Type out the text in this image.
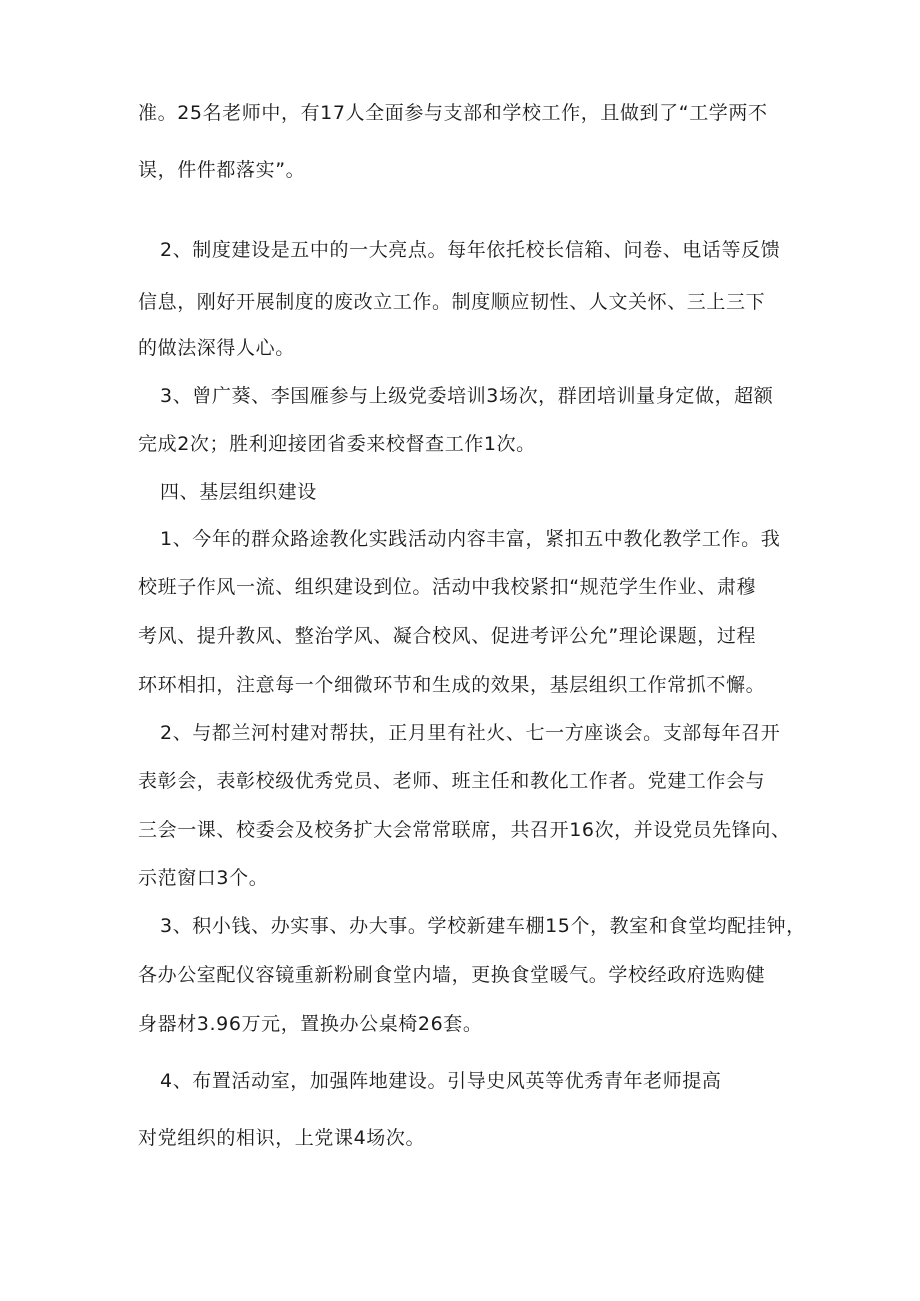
准。25名老师中，有17人全面参与支部和学校工作，且做到了“工学两不
误，件件都落实”。
2、制度建设是五中的一大亮点。每年依托校长信箱、问卷、电话等反馈
信息，刚好开展制度的废改立工作。制度顺应韧性、人文关怀、三上三下
的做法深得人心。
3、曾广葵、李国雁参与上级党委培训3场次，群团培训量身定做，超额
完成2次；胜利迎接团省委来校督查工作1次。
四、基层组织建设
1、今年的群众路途教化实践活动内容丰富，紧扣五中教化教学工作。我
校班子作风一流、组织建设到位。活动中我校紧扣“规范学生作业、肃穆
考风、提升教风、整治学风、凝合校风、促进考评公允”理论课题，过程
环环相扣，注意每一个细微环节和生成的效果，基层组织工作常抓不懈。
2、与都兰河村建对帮扶，正月里有社火、七一方座谈会。支部每年召开
表彰会，表彰校级优秀党员、老师、班主任和教化工作者。党建工作会与
三会一课、校委会及校务扩大会常常联席，共召开16次，并设党员先锋向、
示范窗口3个。
3、积小钱、办实事、办大事。学校新建车棚15个，教室和食堂均配挂钟，
各办公室配仪容镜重新粉刷食堂内墙，更换食堂暖气。学校经政府选购健
身器材3.96万元，置换办公桌椅26套。
4、布置活动室，加强阵地建设。引导史风英等优秀青年老师提高
对党组织的相识，上党课4场次。
